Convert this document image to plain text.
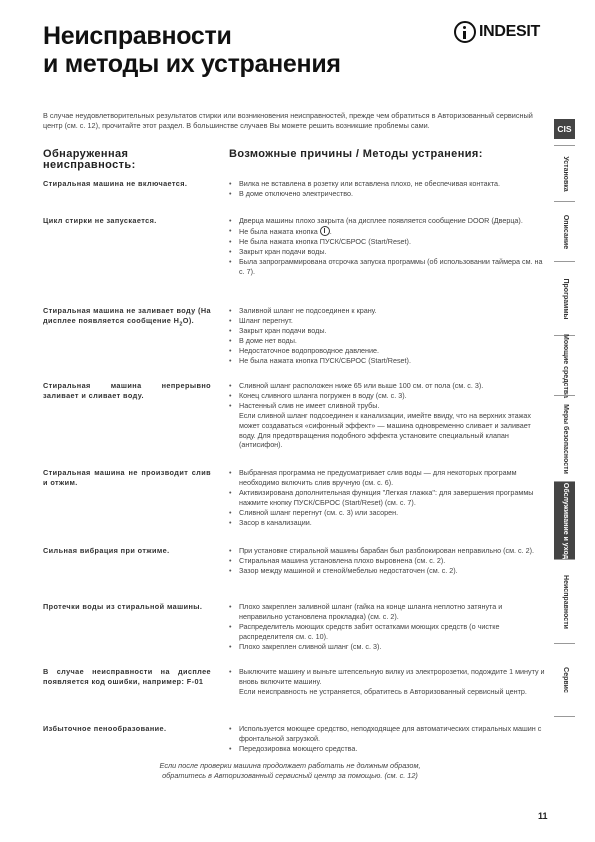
Неисправности
и методы их устранения
INDESIT

В случае неудовлетворительных результатов стирки или возникновения неисправностей, прежде чем обратиться в Авторизованный сервисный центр (см. с. 12), прочитайте этот раздел. В большинстве случаев Вы можете решить возникшие проблемы сами.

Обнаруженная неисправность:
Возможные причины / Методы устранения:
Стиральная машина не включается.	• Вилка не вставлена в розетку или вставлена плохо, не обеспечивая контакта.
• В доме отключено электричество.
Цикл стирки не запускается.	• Дверца машины плохо закрыта (на дисплее появляется сообщение DOOR (Дверца).
• Не была нажата кнопка .
• Не была нажата кнопка ПУСК/СБРОС (Start/Reset).
• Закрыт кран подачи воды.
• Была запрограммирована отсрочка запуска программы (об использовании таймера см. на с. 7).
Стиральная машина не заливает воду (На дисплее появляется сообщение $H_2O$).
• Заливной шланг не подсоединен к крану.
• Шланг перегнут.
• Закрыт кран подачи воды.
• В доме нет воды.
• Недостаточное водопроводное давление.
• Не была нажата кнопка ПУСК/СБРОС (Start/Reset).
Стиральная машина непрерывно заливает и сливает воду.
• Сливной шланг расположен ниже 65 или выше 100 см. от пола (см. с. 3).
• Конец сливного шланга погружен в воду (см. с. 3).
• Настенный слив не имеет сливной трубы.
Если сливной шланг подсоединен к канализации, имейте ввиду, что на верхних этажах может создаваться «сифонный эффект» — машина одновременно сливает и заливает воду. Для предотвращения подобного эффекта установите специальный клапан (антисифон).
Стиральная машина не производит слив и отжим.
• Выбранная программа не предусматривает слив воды — для некоторых программ необходимо включить слив вручную (см. с. 6).
• Активизирована дополнительная функция "Легкая глажка": для завершения программы нажмите кнопку ПУСК/СБРОС (Start/Reset) (см. с. 7).
• Сливной шланг перегнут (см. с. 3) или засорен.
• Засор в канализации.
Сильная вибрация при отжиме.	• При установке стиральной машины барабан был разблокирован неправильно (см. с. 2).
• Стиральная машина установлена плохо выровнена (см. с. 2).
• Зазор между машиной и стеной/мебелью недостаточен (см. с. 2).
Протечки воды из стиральной машины.	• Плохо закреплен заливной шланг (гайка на конце шланга неплотно затянута и неправильно установлена прокладка) (см. с. 2).
• Распределитель моющих средств забит остатками моющих средств (о чистке распределителя см. с. 10).
• Плохо закреплен сливной шланг (см. с. 3).
В случае неисправности на дисплее появляется код ошибки, например: F-01
• Выключите машину и выньте штепсельную вилку из электророзетки, подождите 1 минуту и вновь включите машину.
Если неисправность не устраняется, обратитесь в Авторизованный сервисный центр.
Избыточное пенообразование.	• Используется моющее средство, неподходящее для автоматических стиральных машин с фронтальной загрузкой.
• Передозировка моющего средства.
Если после проверки машина продолжает работать не должным образом,
обратитесь в Авторизованный сервисный центр за помощью. (см. с. 12)
11
CIS
Установка
Описание
Программы
Моющие средства
Меры безопасности
Обслуживание и уход
Неисправности
Сервис
